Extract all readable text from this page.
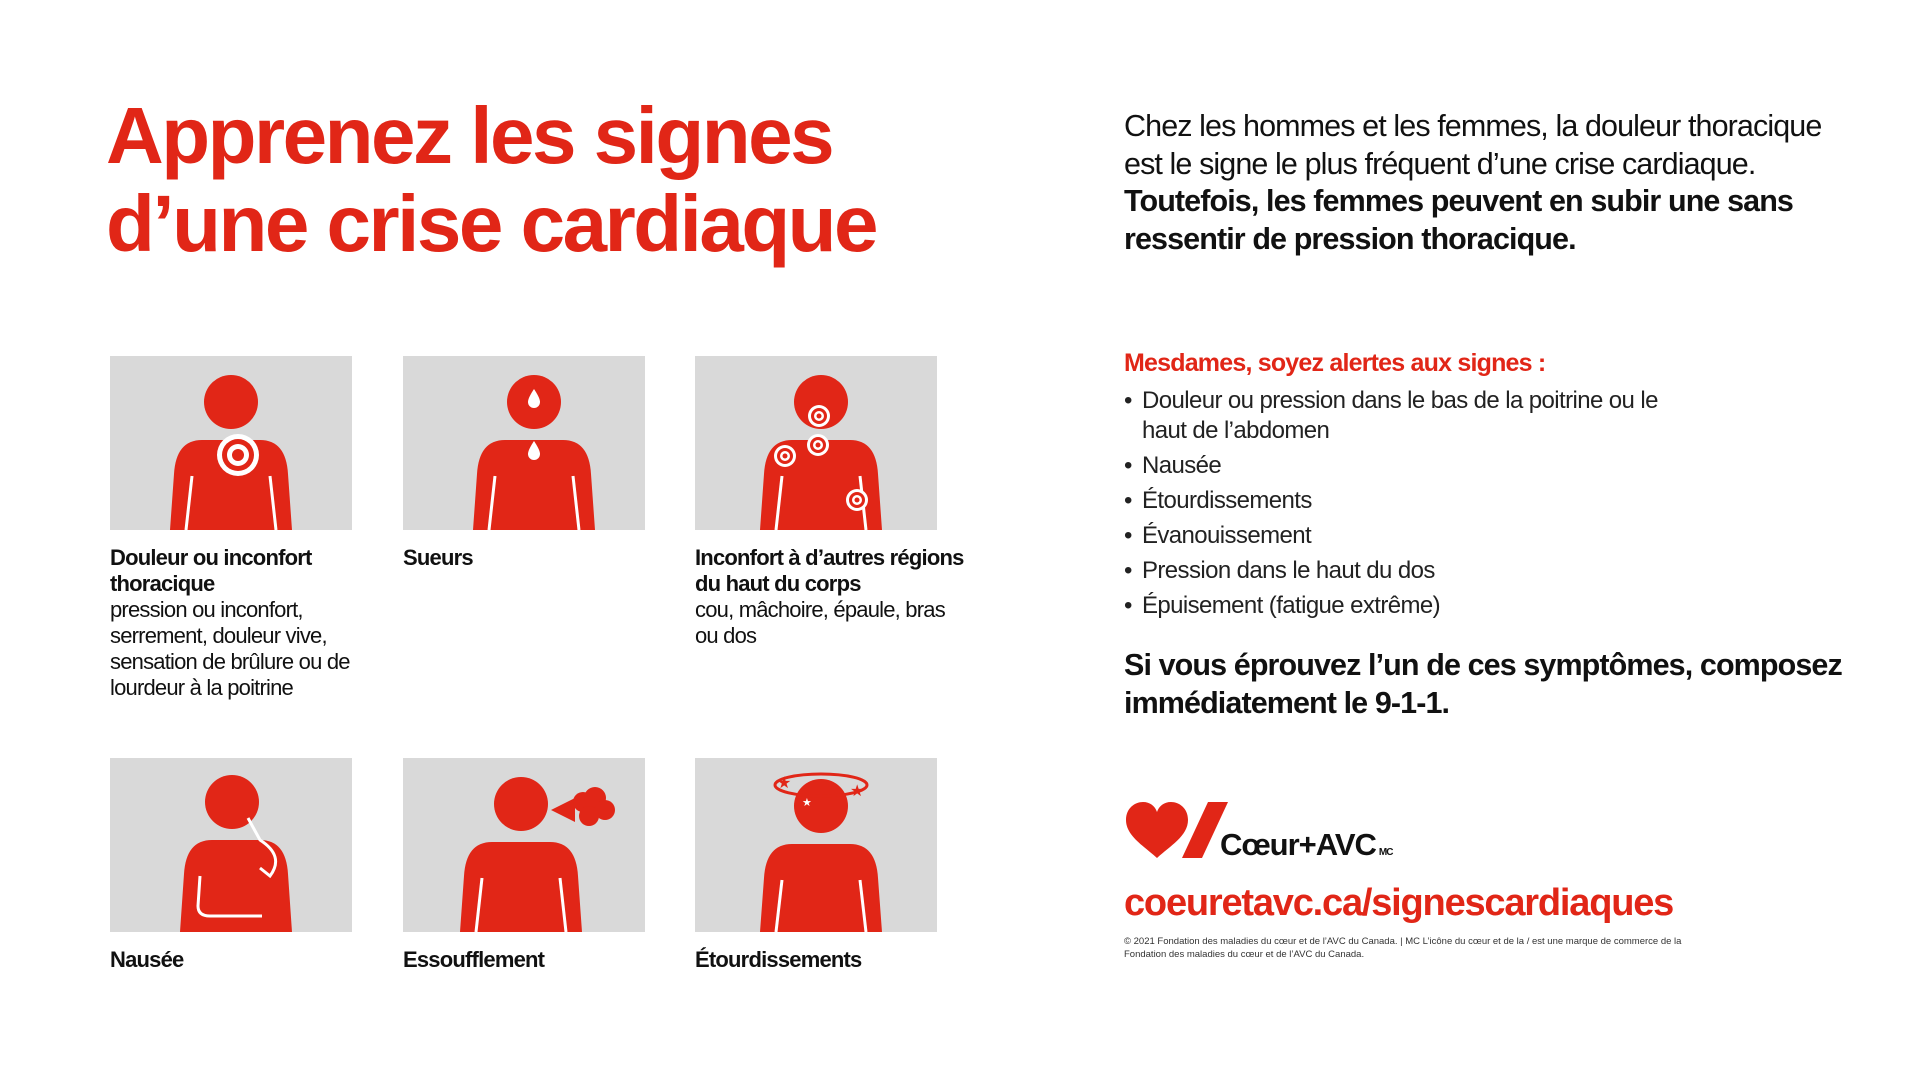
Apprenez les signes
d’une crise cardiaque
Douleur ou inconfort thoracique
pression ou inconfort, serrement, douleur vive, sensation de brûlure ou de lourdeur à la poitrine
Sueurs	Inconfort à d’autres régions du haut du corps
cou, mâchoire, épaule, bras ou dos
Nausée	Essoufflement
★	★
★
Étourdissements

Chez les hommes et les femmes, la douleur thoracique est le signe le plus fréquent d’une crise cardiaque. Toutefois, les femmes peuvent en subir une sans ressentir de pression thoracique.

Mesdames, soyez alertes aux signes :
• Douleur ou pression dans le bas de la poitrine ou le haut de l’abdomen
• Nausée
• Étourdissements
• Évanouissement
• Pression dans le haut du dos
• Épuisement (fatigue extrême)

Si vous éprouvez l’un de ces symptômes, composez immédiatement le 9-1-1.

Cœur+AVC MC

coeuretavc.ca/signescardiaques

© 2021 Fondation des maladies du cœur et de l’AVC du Canada. | MC L’icône du cœur et de la / est une marque de commerce de la Fondation des maladies du cœur et de l’AVC du Canada.
